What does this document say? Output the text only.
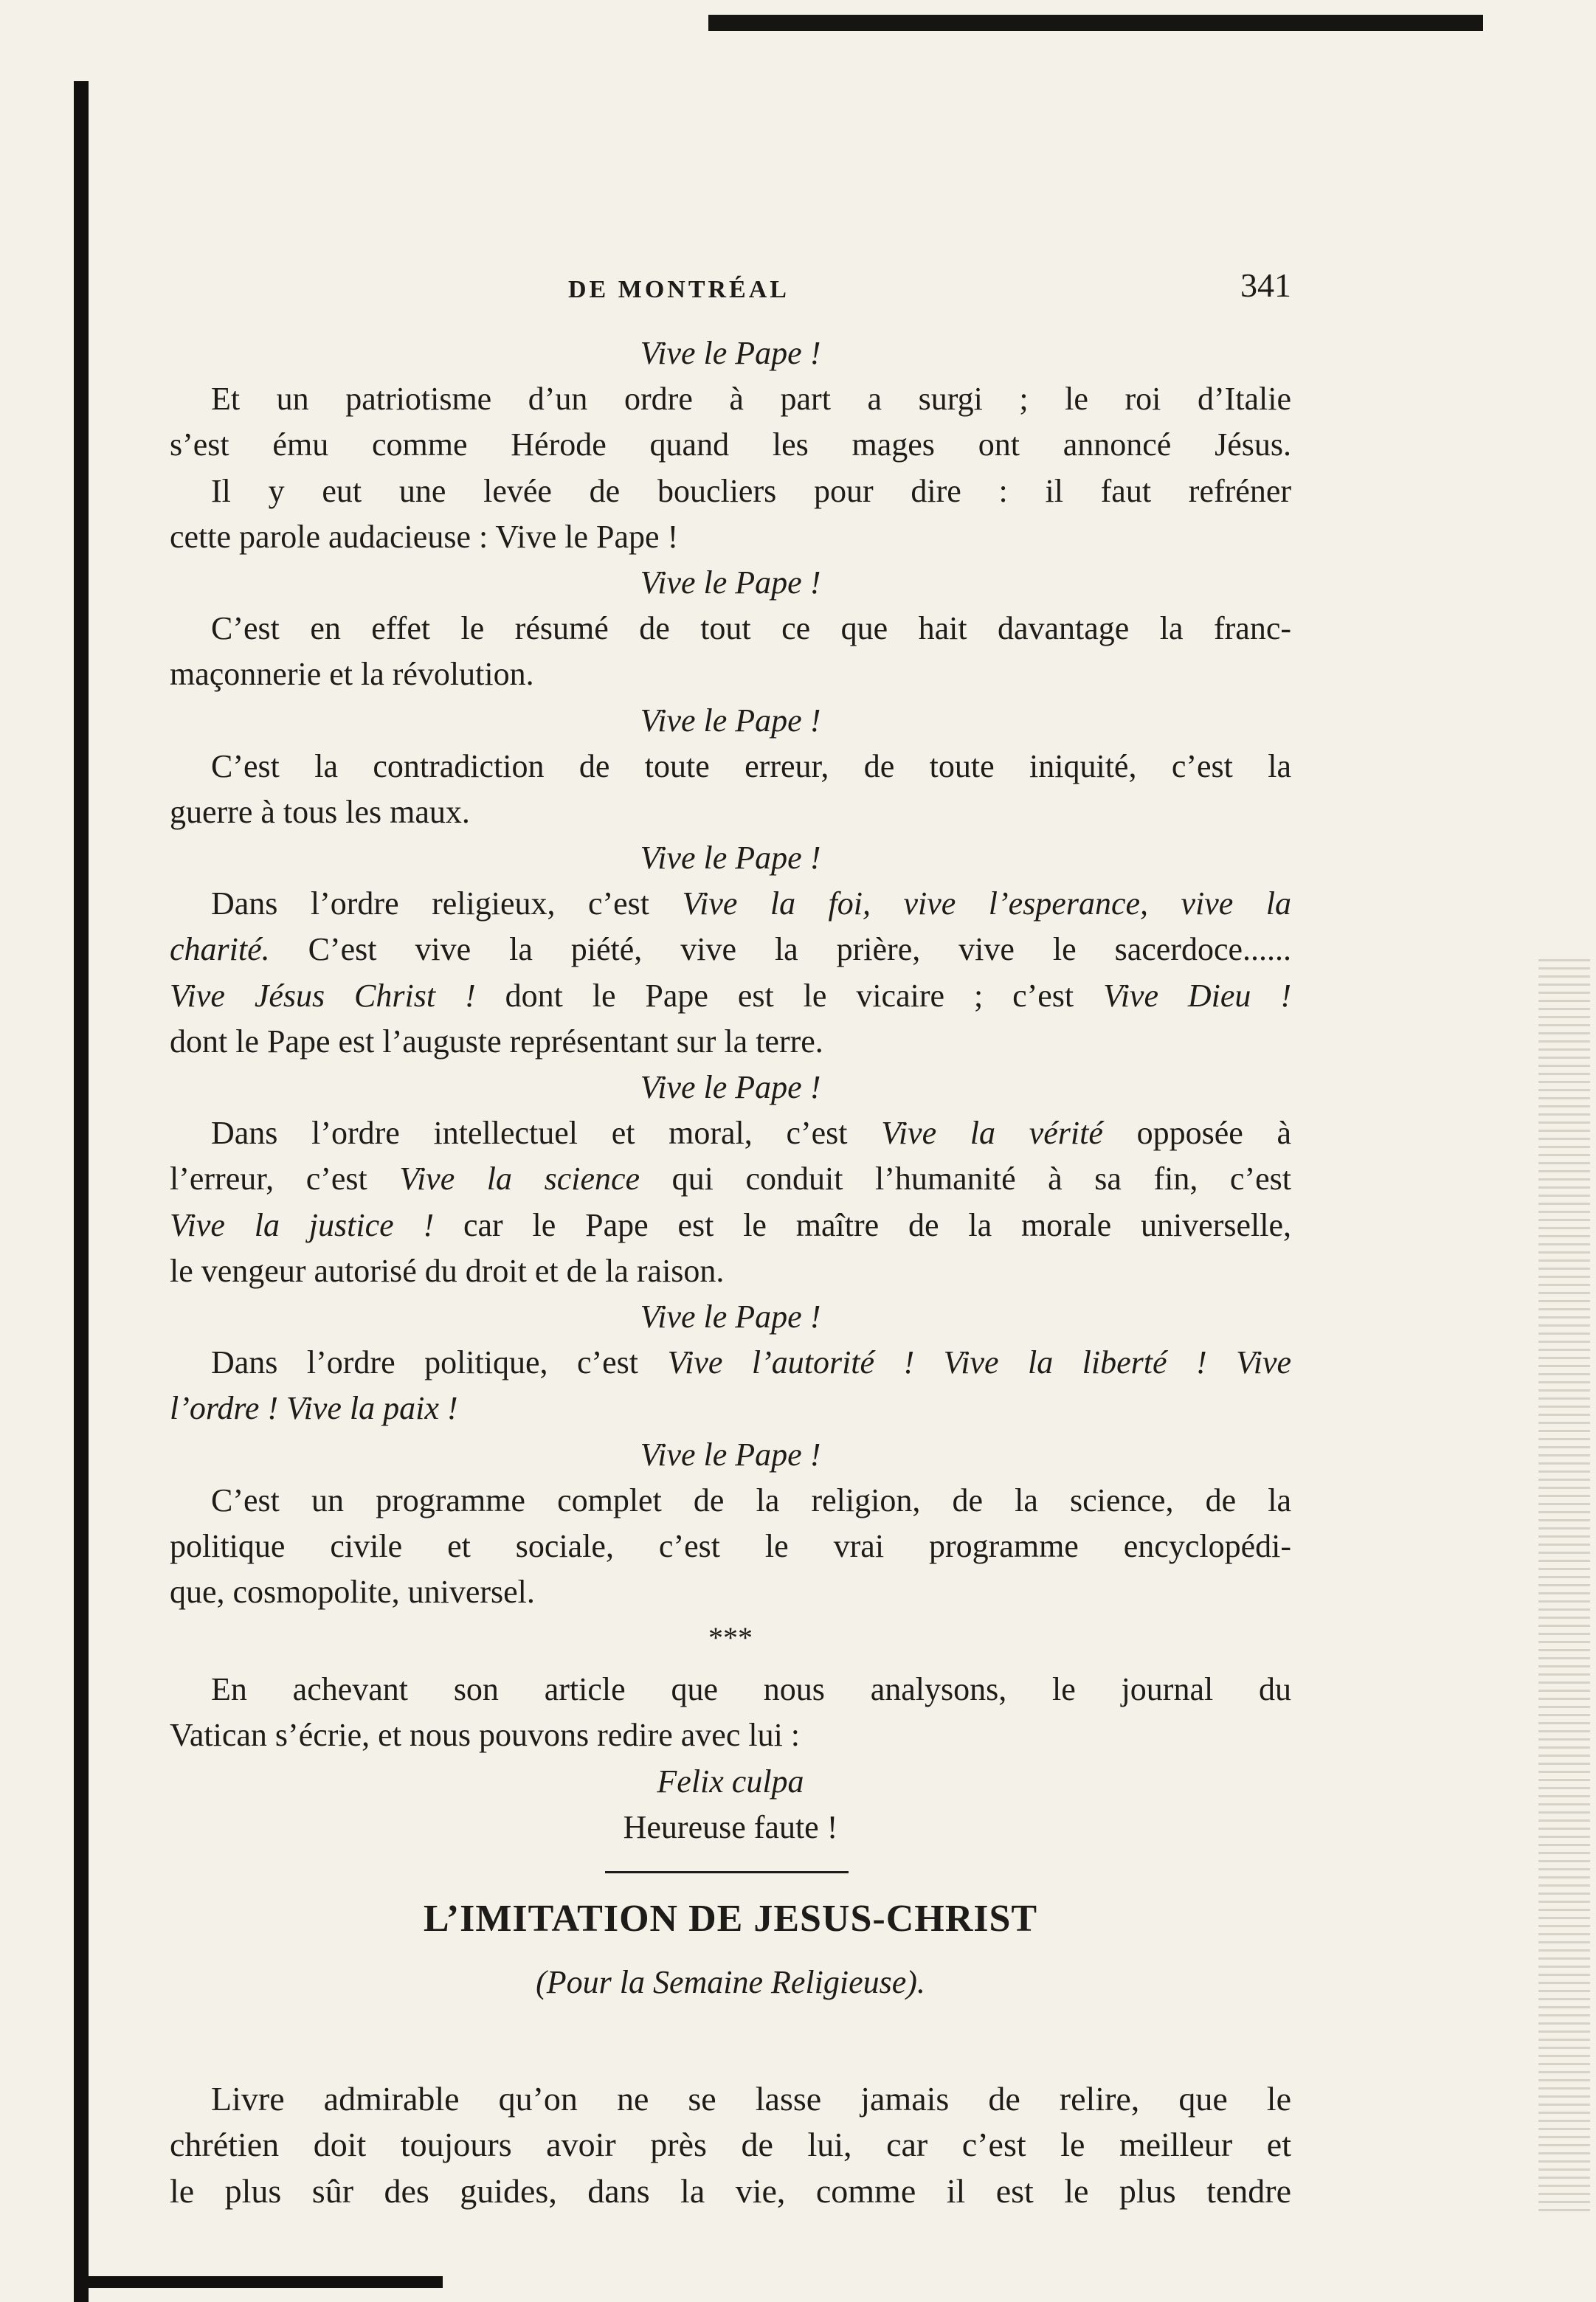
DE MONTRÉAL	341
Vive le Pape !
Et un patriotisme d’un ordre à part a surgi ; le roi d’Italie
s’est ému comme Hérode quand les mages ont annoncé Jésus.
Il y eut une levée de boucliers pour dire : il faut refréner
cette parole audacieuse : Vive le Pape !
Vive le Pape !
C’est en effet le résumé de tout ce que hait davantage la franc-
maçonnerie et la révolution.
Vive le Pape !
C’est la contradiction de toute erreur, de toute iniquité, c’est la
guerre à tous les maux.
Vive le Pape !
Dans l’ordre religieux, c’est Vive la foi, vive l’esperance, vive la
charité. C’est vive la piété, vive la prière, vive le sacerdoce......
Vive Jésus Christ ! dont le Pape est le vicaire ; c’est Vive Dieu !
dont le Pape est l’auguste représentant sur la terre.
Vive le Pape !
Dans l’ordre intellectuel et moral, c’est Vive la vérité opposée à
l’erreur, c’est Vive la science qui conduit l’humanité à sa fin, c’est
Vive la justice ! car le Pape est le maître de la morale universelle,
le vengeur autorisé du droit et de la raison.
Vive le Pape !
Dans l’ordre politique, c’est Vive l’autorité ! Vive la liberté ! Vive
l’ordre ! Vive la paix !
Vive le Pape !
C’est un programme complet de la religion, de la science, de la
politique civile et sociale, c’est le vrai programme encyclopédi-
que, cosmopolite, universel.
***
En achevant son article que nous analysons, le journal du
Vatican s’écrie, et nous pouvons redire avec lui :
Felix culpa
Heureuse faute !
L’IMITATION DE JESUS-CHRIST
(Pour la Semaine Religieuse).
Livre admirable qu’on ne se lasse jamais de relire, que le
chrétien doit toujours avoir près de lui, car c’est le meilleur et
le plus sûr des guides, dans la vie, comme il est le plus tendre
